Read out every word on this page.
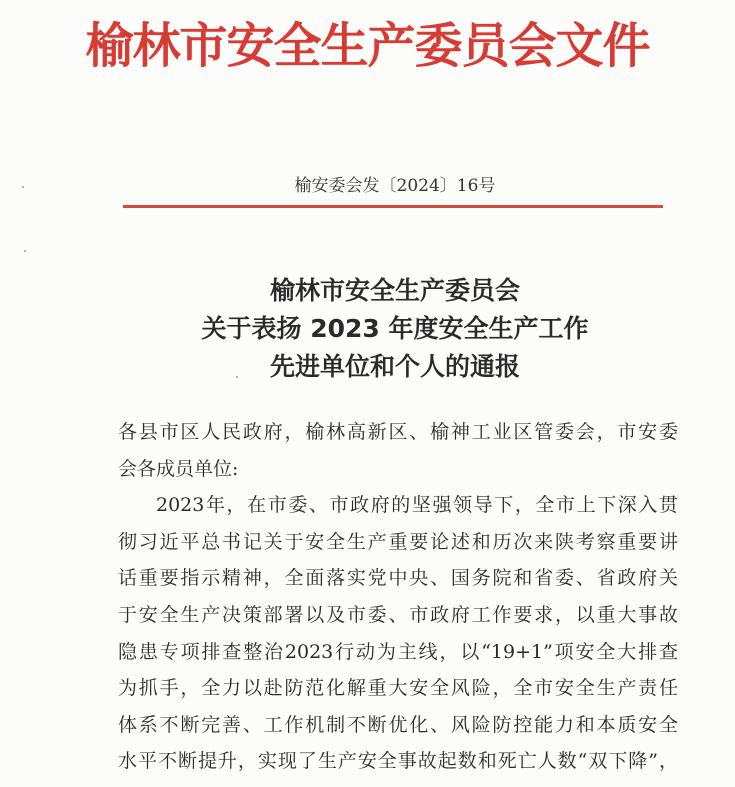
榆林市安全生产委员会文件
榆安委会发〔2024〕16号
榆林市安全生产委员会
关于表扬 2023 年度安全生产工作
先进单位和个人的通报

各县市区人民政府，榆林高新区、榆神工业区管委会，市安委

会各成员单位:

2023年，在市委、市政府的坚强领导下，全市上下深入贯

彻习近平总书记关于安全生产重要论述和历次来陕考察重要讲

话重要指示精神，全面落实党中央、国务院和省委、省政府关

于安全生产决策部署以及市委、市政府工作要求，以重大事故

隐患专项排查整治2023行动为主线，以“19+1”项安全大排查

为抓手，全力以赴防范化解重大安全风险，全市安全生产责任

体系不断完善、工作机制不断优化、风险防控能力和本质安全

水平不断提升，实现了生产安全事故起数和死亡人数“双下降”，
